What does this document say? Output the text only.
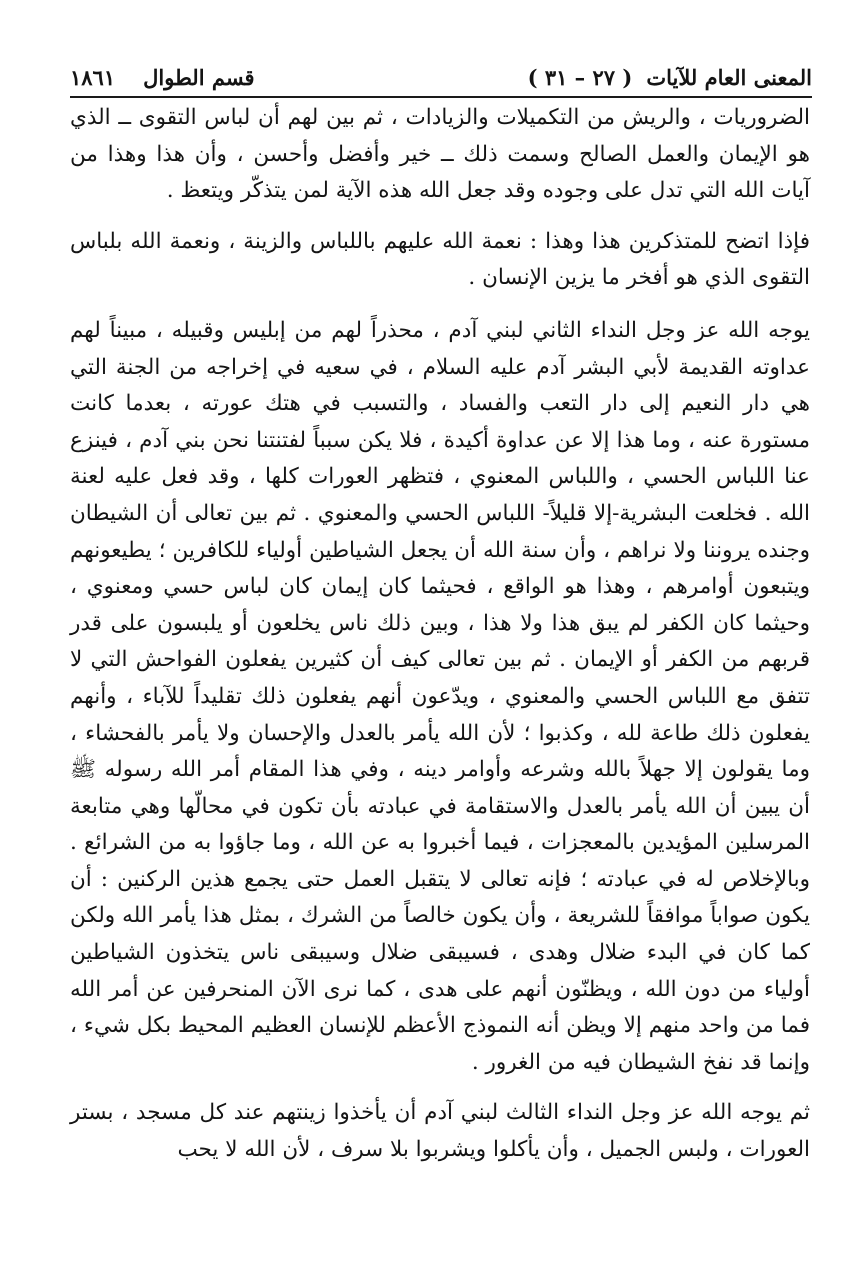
المعنى العام للآيات
( ٢٧ – ٣١ )
قسم الطوال
١٨٦١

الضروريات ، والريش من التكميلات والزيادات ، ثم بين لهم أن لباس التقوى ــ الذي هو الإيمان والعمل الصالح وسمت ذلك ــ خير وأفضل وأحسن ، وأن هذا وهذا من آيات الله التي تدل على وجوده وقد جعل الله هذه الآية لمن يتذكّر ويتعظ .

فإذا اتضح للمتذكرين هذا وهذا : نعمة الله عليهم باللباس والزينة ، ونعمة الله بلباس التقوى الذي هو أفخر ما يزين الإنسان .

يوجه الله عز وجل النداء الثاني لبني آدم ، محذراً لهم من إبليس وقبيله ، مبيناً لهم عداوته القديمة لأبي البشر آدم عليه السلام ، في سعيه في إخراجه من الجنة التي هي دار النعيم إلى دار التعب والفساد ، والتسبب في هتك عورته ، بعدما كانت مستورة عنه ، وما هذا إلا عن عداوة أكيدة ، فلا يكن سبباً لفتنتنا نحن بني آدم ، فينزع عنا اللباس الحسي ، واللباس المعنوي ، فتظهر العورات كلها ، وقد فعل عليه لعنة الله . فخلعت البشرية-إلا قليلاً- اللباس الحسي والمعنوي . ثم بين تعالى أن الشيطان وجنده يروننا ولا نراهم ، وأن سنة الله أن يجعل الشياطين أولياء للكافرين ؛ يطيعونهم ويتبعون أوامرهم ، وهذا هو الواقع ، فحيثما كان إيمان كان لباس حسي ومعنوي ، وحيثما كان الكفر لم يبق هذا ولا هذا ، وبين ذلك ناس يخلعون أو يلبسون على قدر قربهم من الكفر أو الإيمان . ثم بين تعالى كيف أن كثيرين يفعلون الفواحش التي لا تتفق مع اللباس الحسي والمعنوي ، ويدّعون أنهم يفعلون ذلك تقليداً للآباء ، وأنهم يفعلون ذلك طاعة لله ، وكذبوا ؛ لأن الله يأمر بالعدل والإحسان ولا يأمر بالفحشاء ، وما يقولون إلا جهلاً بالله وشرعه وأوامر دينه ، وفي هذا المقام أمر الله رسوله ﷺ أن يبين أن الله يأمر بالعدل والاستقامة في عبادته بأن تكون في محالّها وهي متابعة المرسلين المؤيدين بالمعجزات ، فيما أخبروا به عن الله ، وما جاؤوا به من الشرائع . وبالإخلاص له في عبادته ؛ فإنه تعالى لا يتقبل العمل حتى يجمع هذين الركنين : أن يكون صواباً موافقاً للشريعة ، وأن يكون خالصاً من الشرك ، بمثل هذا يأمر الله ولكن كما كان في البدء ضلال وهدى ، فسيبقى ضلال وسيبقى ناس يتخذون الشياطين أولياء من دون الله ، ويظنّون أنهم على هدى ، كما نرى الآن المنحرفين عن أمر الله فما من واحد منهم إلا ويظن أنه النموذج الأعظم للإنسان العظيم المحيط بكل شيء ، وإنما قد نفخ الشيطان فيه من الغرور .

ثم يوجه الله عز وجل النداء الثالث لبني آدم أن يأخذوا زينتهم عند كل مسجد ، بستر العورات ، ولبس الجميل ، وأن يأكلوا ويشربوا بلا سرف ، لأن الله لا يحب
